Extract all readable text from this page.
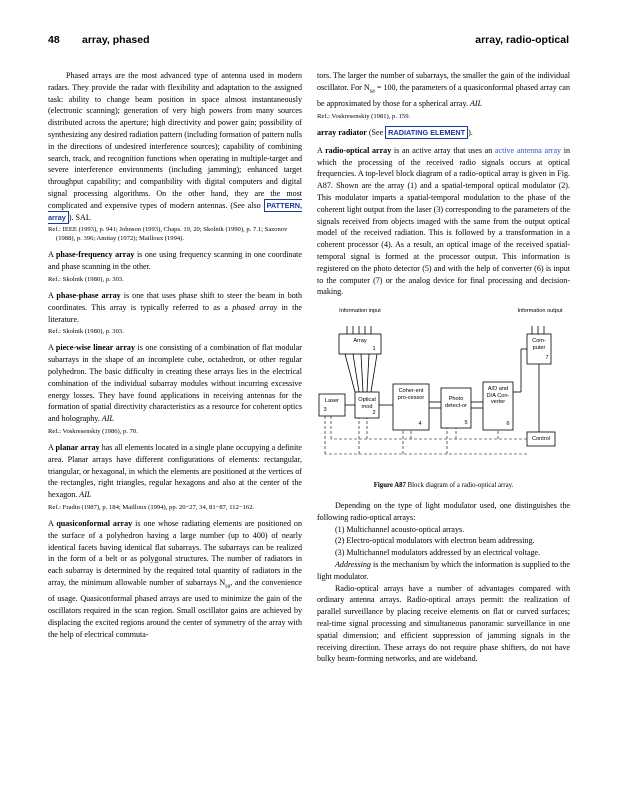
48 array, phased	array, radio-optical

Phased arrays are the most advanced type of antenna used in modern radars. They provide the radar with flexibility and adaptation to the assigned task: ability to change beam position in space almost instantaneously (electronic scanning); generation of very high powers from many sources distributed across the aperture; high directivity and power gain; possibility of synthesizing any desired radiation pattern (including formation of pattern nulls in the directions of undesired interference sources); capability of combining search, track, and recognition functions when operating in multiple-target and severe interference environments (including jamming); enhanced target throughput capability; and compatibility with digital computers and digital signal processing algorithms. On the other hand, they are the most complicated and expensive types of modern antennas. (See also PATTERN, array ). SAL

Ref.: IEEE (1993), p. 941; Johnson (1993), Chaps. 19, 20; Skolnik (1990), p. 7.1; Sazonov (1988), p. 396; Amitay (1972); Mailloux (1994).

A phase-frequency array is one using frequency scanning in one coordinate and phase scanning in the other.

Ref.: Skolnik (1980), p. 303.

A phase-phase array is one that uses phase shift to steer the beam in both coordinates. This array is typically referred to as a phased array in the literature.

Ref.: Skolnik (1980), p. 303.

A piece-wise linear array is one consisting of a combination of flat modular subarrays in the shape of an incomplete cube, octahedron, or other regular polyhedron. The basic difficulty in creating these arrays lies in the electrical combination of the individual subarray modules without incurring excessive energy losses. They have found applications in receiving antennas for the formation of spatial directivity characteristics as a resource for coherent optics and holography. AIL

Ref.: Voskresenskiy (1986), p. 70.

A planar array has all elements located in a single plane occupying a definite area. Planar arrays have different configurations of elements: rectangular, triangular, or hexagonal, in which the elements are positioned at the vertices of the rectangles, right triangles, regular hexagons and also at the center of the hexagon. AIL

Ref.: Fradin (1987), p. 184; Mailloux (1994), pp. 20−27, 34, 81−87, 112−162.

A quasiconformal array is one whose radiating elements are positioned on the surface of a polyhedron having a large number (up to 400) of nearly identical facets having identical flat subarrays. The subarrays can be realized in the form of a belt or as polygonal structures. The number of radiators in each subarray is determined by the required total quantity of radiators in the array, the minimum allowable number of subarrays $N_{sa}$, and the convenience of usage. Quasiconformal phased arrays are used to minimize the gain of the oscillators required in the scan region. Small oscillator gains are achieved by displacing the excited regions around the center of symmetry of the array with the help of electrical commuta-

tors. The larger the number of subarrays, the smaller the gain of the individual oscillator. For $N_{sa} = 100$, the parameters of a quasiconformal phased array can be approximated by those for a spherical array. AIL

Ref.: Voskresenskiy (1981), p. 159.

array radiator (See RADIATING ELEMENT ).

A radio-optical array is an active array that uses an active antenna array in which the processing of the received radio signals occurs at optical frequencies. A top-level block diagram of a radio-optical array is given in Fig. A87. Shown are the array (1) and a spatial-temporal optical modulator (2). This modulator imparts a spatial-temporal modulation to the phase of the coherent light output from the laser (3) corresponding to the parameters of the signals received from objects imaged with the same from the output optical model of the received radiation. This is followed by a transformation in a coherent processor (4). As a result, an optical image of the received spatial-temporal signal is formed at the processor output. This information is registered on the photo detector (5) and with the help of converter (6) is input to the computer (7) or the analog device for final processing and decision-making.

Information input	Information output
Array
1
Com-puter
7
Laser
3
Optical mod
2
Coher-ent pro-cessor
4
Photo detect-or
5
A/D and D/A Con-verter
6
Control

Figure A87 Block diagram of a radio-optical array.

Depending on the type of light modulator used, one distinguishes the following radio-optical arrays:

(1) Multichannel acousto-optical arrays.

(2) Electro-optical modulators with electron beam addressing.

(3) Multichannel modulators addressed by an electrical voltage.

Addressing is the mechanism by which the information is supplied to the light modulator.

Radio-optical arrays have a number of advantages compared with ordinary antenna arrays. Radio-optical arrays permit: the realization of parallel surveillance by placing receive elements on flat or curved surfaces; real-time signal processing and simultaneous panoramic surveillance in one spatial dimension; and efficient suppression of jamming signals in the receiving direction. These arrays do not require phase shifters, do not have bulky beam-forming networks, and are wideband.
